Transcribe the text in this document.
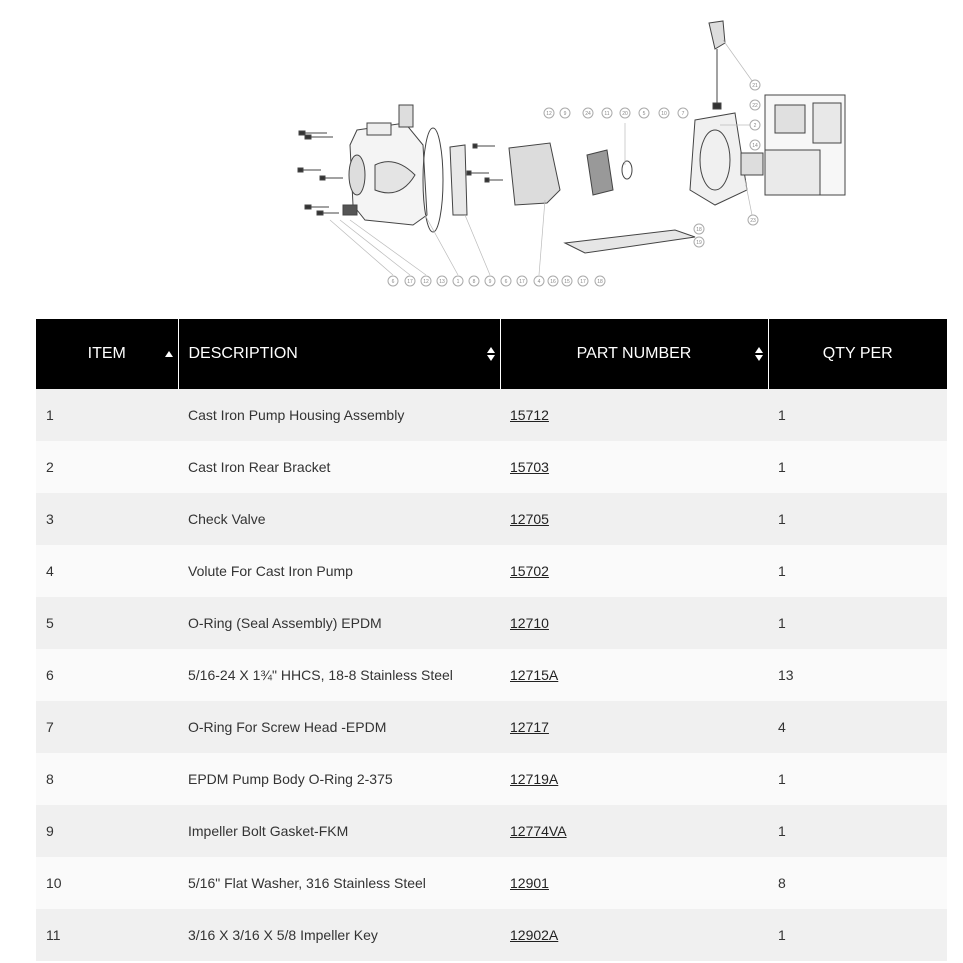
6	17 12 13 1	8	9	6 17	4 16 15 17 18
12 9	24	11	20	5	10	7
2
14
23
21
22
19
18
ITEM	DESCRIPTION	PART NUMBER	QTY PER
1	Cast Iron Pump Housing Assembly	15712	1
2	Cast Iron Rear Bracket	15703	1
3	Check Valve	12705	1
4	Volute For Cast Iron Pump	15702	1
5	O-Ring (Seal Assembly) EPDM	12710	1
6	5/16-24 X 1¾" HHCS, 18-8 Stainless Steel	12715A	13
7	O-Ring For Screw Head -EPDM	12717	4
8	EPDM Pump Body O-Ring 2-375	12719A	1
9	Impeller Bolt Gasket-FKM	12774VA	1
10	5/16" Flat Washer, 316 Stainless Steel	12901	8
11	3/16 X 3/16 X 5/8 Impeller Key	12902A	1
